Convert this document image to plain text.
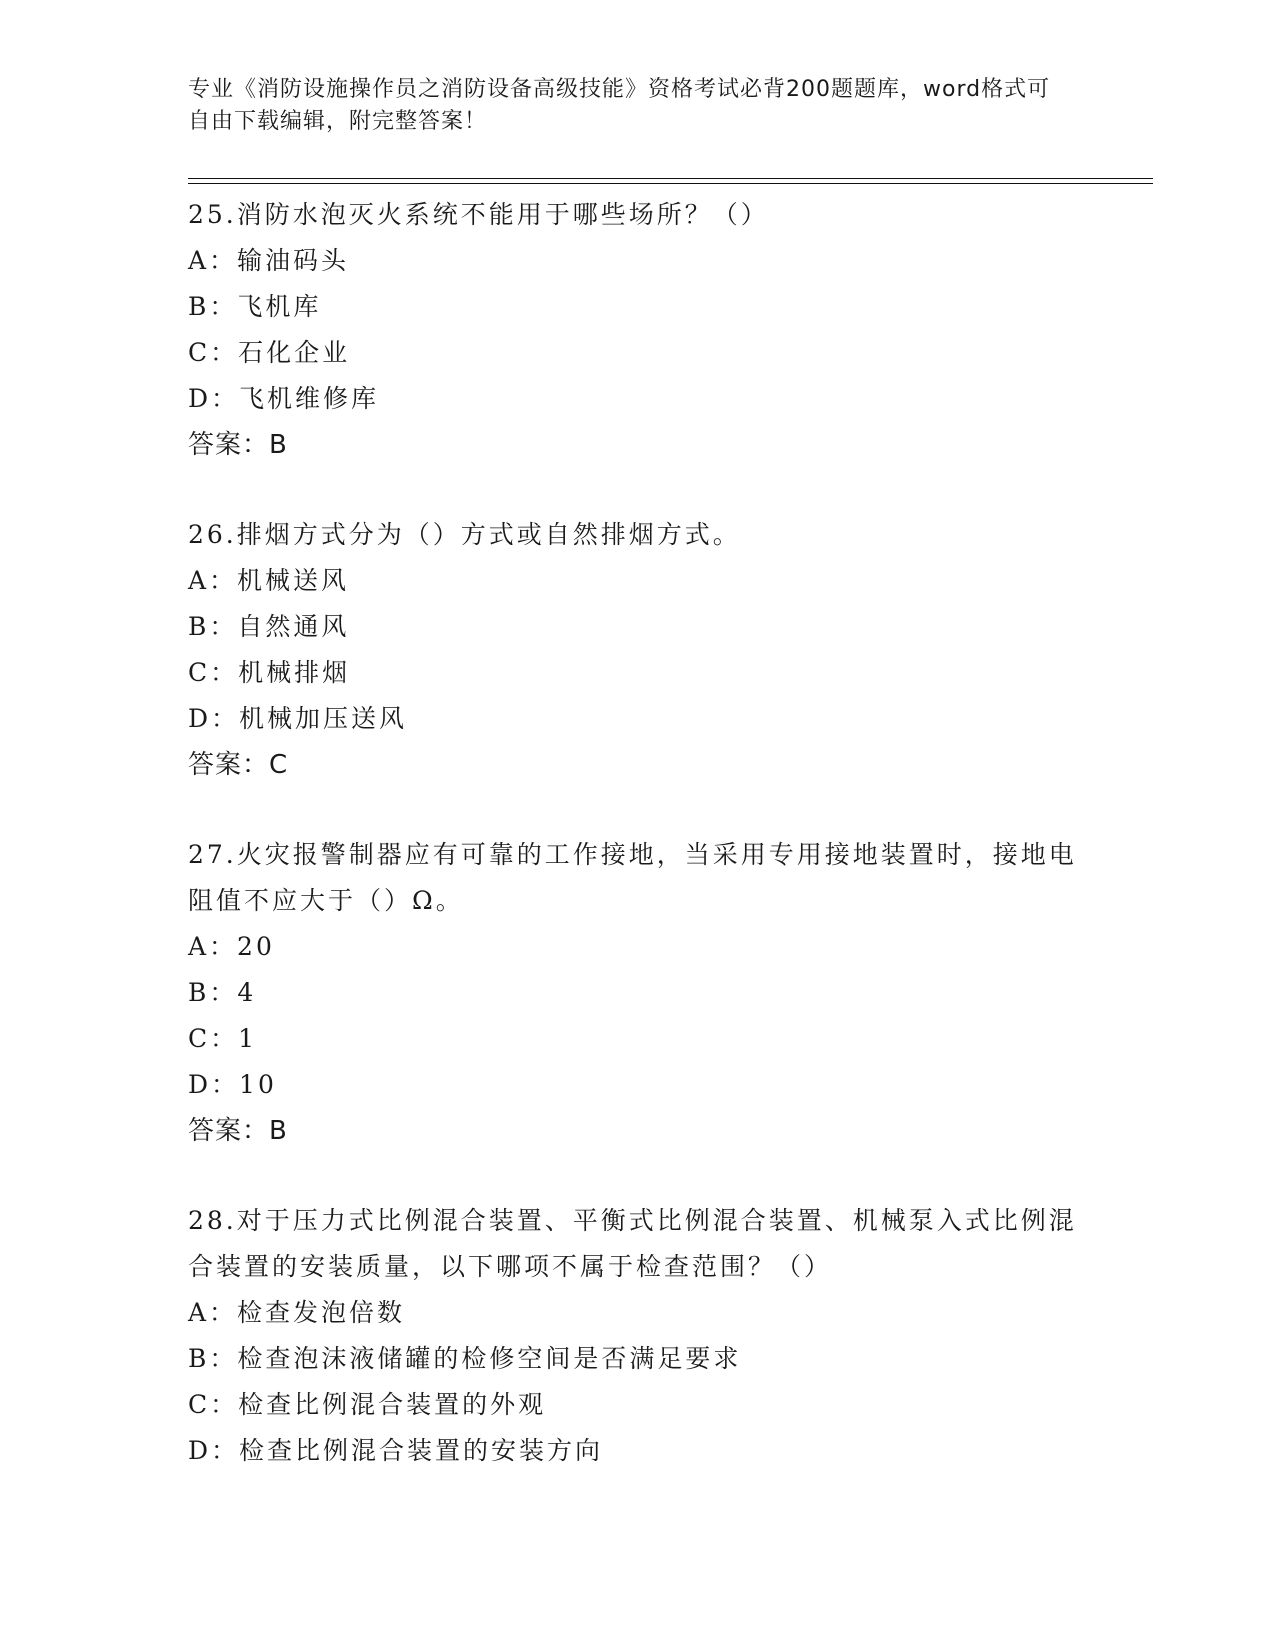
专业《消防设施操作员之消防设备高级技能》资格考试必背200题题库，word格式可自由下载编辑，附完整答案！

25.消防水泡灭火系统不能用于哪些场所？（）

A：输油码头

B：飞机库

C：石化企业

D：飞机维修库

答案：B

26.排烟方式分为（）方式或自然排烟方式。

A：机械送风

B：自然通风

C：机械排烟

D：机械加压送风

答案：C

27.火灾报警制器应有可靠的工作接地，当采用专用接地装置时，接地电阻值不应大于（）Ω。

A：20

B：4

C：1

D：10

答案：B

28.对于压力式比例混合装置、平衡式比例混合装置、机械泵入式比例混合装置的安装质量，以下哪项不属于检查范围？（）

A：检查发泡倍数

B：检查泡沫液储罐的检修空间是否满足要求

C：检查比例混合装置的外观

D：检查比例混合装置的安装方向
